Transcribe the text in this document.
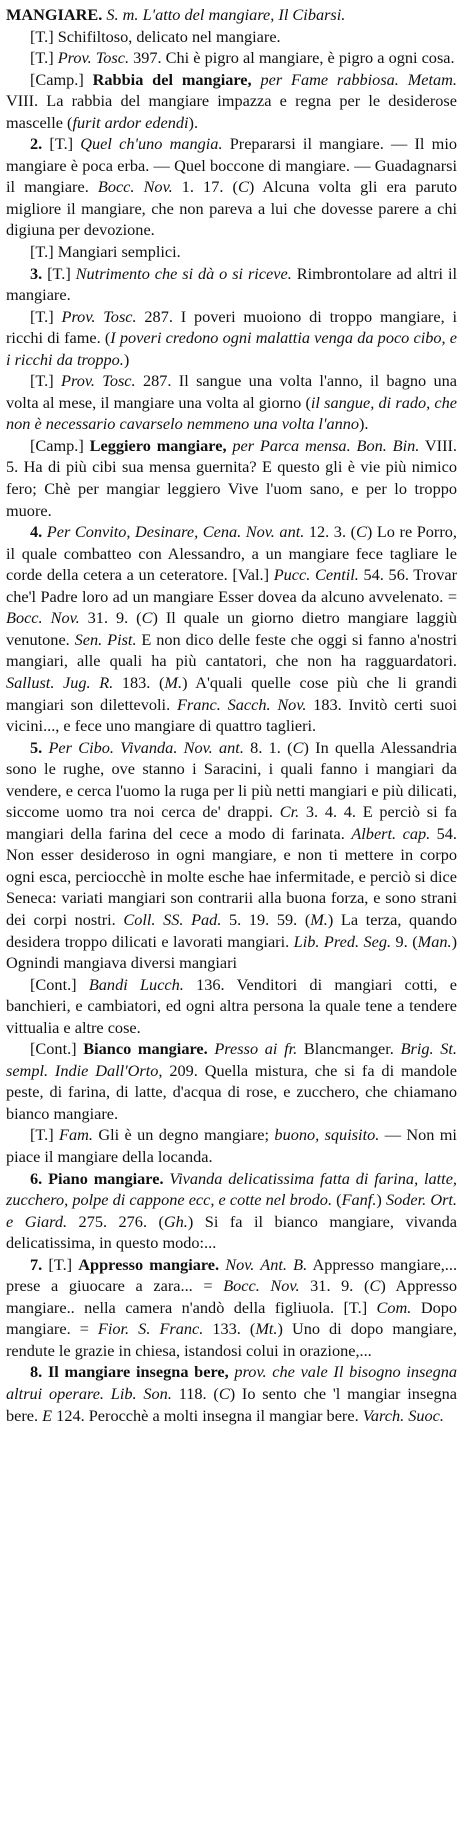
MANGIARE. S. m. L'atto del mangiare, Il Cibarsi.

[T.] Schifiltoso, delicato nel mangiare.

[T.] Prov. Tosc. 397. Chi è pigro al mangiare, è pigro a ogni cosa.

[Camp.] Rabbia del mangiare, per Fame rabbiosa. Metam. VIII. La rabbia del mangiare impazza e regna per le desiderose mascelle (furit ardor edendi).

2. [T.] Quel ch'uno mangia. Prepararsi il mangiare. — Il mio mangiare è poca erba. — Quel boccone di mangiare. — Guadagnarsi il mangiare. Bocc. Nov. 1. 17. (C) Alcuna volta gli era paruto migliore il mangiare, che non pareva a lui che dovesse parere a chi digiuna per devozione.

[T.] Mangiari semplici.

3. [T.] Nutrimento che si dà o si riceve. Rimbrontolare ad altri il mangiare.

[T.] Prov. Tosc. 287. I poveri muoiono di troppo mangiare, i ricchi di fame. (I poveri credono ogni malattia venga da poco cibo, e i ricchi da troppo.)

[T.] Prov. Tosc. 287. Il sangue una volta l'anno, il bagno una volta al mese, il mangiare una volta al giorno (il sangue, di rado, che non è necessario cavarselo nemmeno una volta l'anno).

[Camp.] Leggiero mangiare, per Parca mensa. Bon. Bin. VIII. 5. Ha di più cibi sua mensa guernita? E questo gli è vie più nimico fero; Chè per mangiar leggiero Vive l'uom sano, e per lo troppo muore.

4. Per Convito, Desinare, Cena. Nov. ant. 12. 3. (C) Lo re Porro, il quale combatteo con Alessandro, a un mangiare fece tagliare le corde della cetera a un ceteratore. [Val.] Pucc. Centil. 54. 56. Trovar che'l Padre loro ad un mangiare Esser dovea da alcuno avvelenato. = Bocc. Nov. 31. 9. (C) Il quale un giorno dietro mangiare laggiù venutone. Sen. Pist. E non dico delle feste che oggi si fanno a'nostri mangiari, alle quali ha più cantatori, che non ha ragguardatori. Sallust. Jug. R. 183. (M.) A'quali quelle cose più che li grandi mangiari son dilettevoli. Franc. Sacch. Nov. 183. Invitò certi suoi vicini..., e fece uno mangiare di quattro taglieri.

5. Per Cibo. Vivanda. Nov. ant. 8. 1. (C) In quella Alessandria sono le rughe, ove stanno i Saracini, i quali fanno i mangiari da vendere, e cerca l'uomo la ruga per li più netti mangiari e più dilicati, siccome uomo tra noi cerca de' drappi. Cr. 3. 4. 4. E perciò si fa mangiari della farina del cece a modo di farinata. Albert. cap. 54. Non esser desideroso in ogni mangiare, e non ti mettere in corpo ogni esca, perciocchè in molte esche hae infermitade, e perciò si dice Seneca: variati mangiari son contrarii alla buona forza, e sono strani dei corpi nostri. Coll. SS. Pad. 5. 19. 59. (M.) La terza, quando desidera troppo dilicati e lavorati mangiari. Lib. Pred. Seg. 9. (Man.) Ognindi mangiava diversi mangiari

[Cont.] Bandi Lucch. 136. Venditori di mangiari cotti, e banchieri, e cambiatori, ed ogni altra persona la quale tene a tendere vittualia e altre cose.

[Cont.] Bianco mangiare. Presso ai fr. Blancmanger. Brig. St. sempl. Indie Dall'Orto, 209. Quella mistura, che si fa di mandole peste, di farina, di latte, d'acqua di rose, e zucchero, che chiamano bianco mangiare.

[T.] Fam. Gli è un degno mangiare; buono, squisito. — Non mi piace il mangiare della locanda.

6. Piano mangiare. Vivanda delicatissima fatta di farina, latte, zucchero, polpe di cappone ecc, e cotte nel brodo. (Fanf.) Soder. Ort. e Giard. 275. 276. (Gh.) Si fa il bianco mangiare, vivanda delicatissima, in questo modo:...

7. [T.] Appresso mangiare. Nov. Ant. B. Appresso mangiare,... prese a giuocare a zara... = Bocc. Nov. 31. 9. (C) Appresso mangiare.. nella camera n'andò della figliuola. [T.] Com. Dopo mangiare. = Fior. S. Franc. 133. (Mt.) Uno di dopo mangiare, rendute le grazie in chiesa, istandosi colui in orazione,...

8. Il mangiare insegna bere, prov. che vale Il bisogno insegna altrui operare. Lib. Son. 118. (C) Io sento che 'l mangiar insegna bere. E 124. Perocchè a molti insegna il mangiar bere. Varch. Suoc.
